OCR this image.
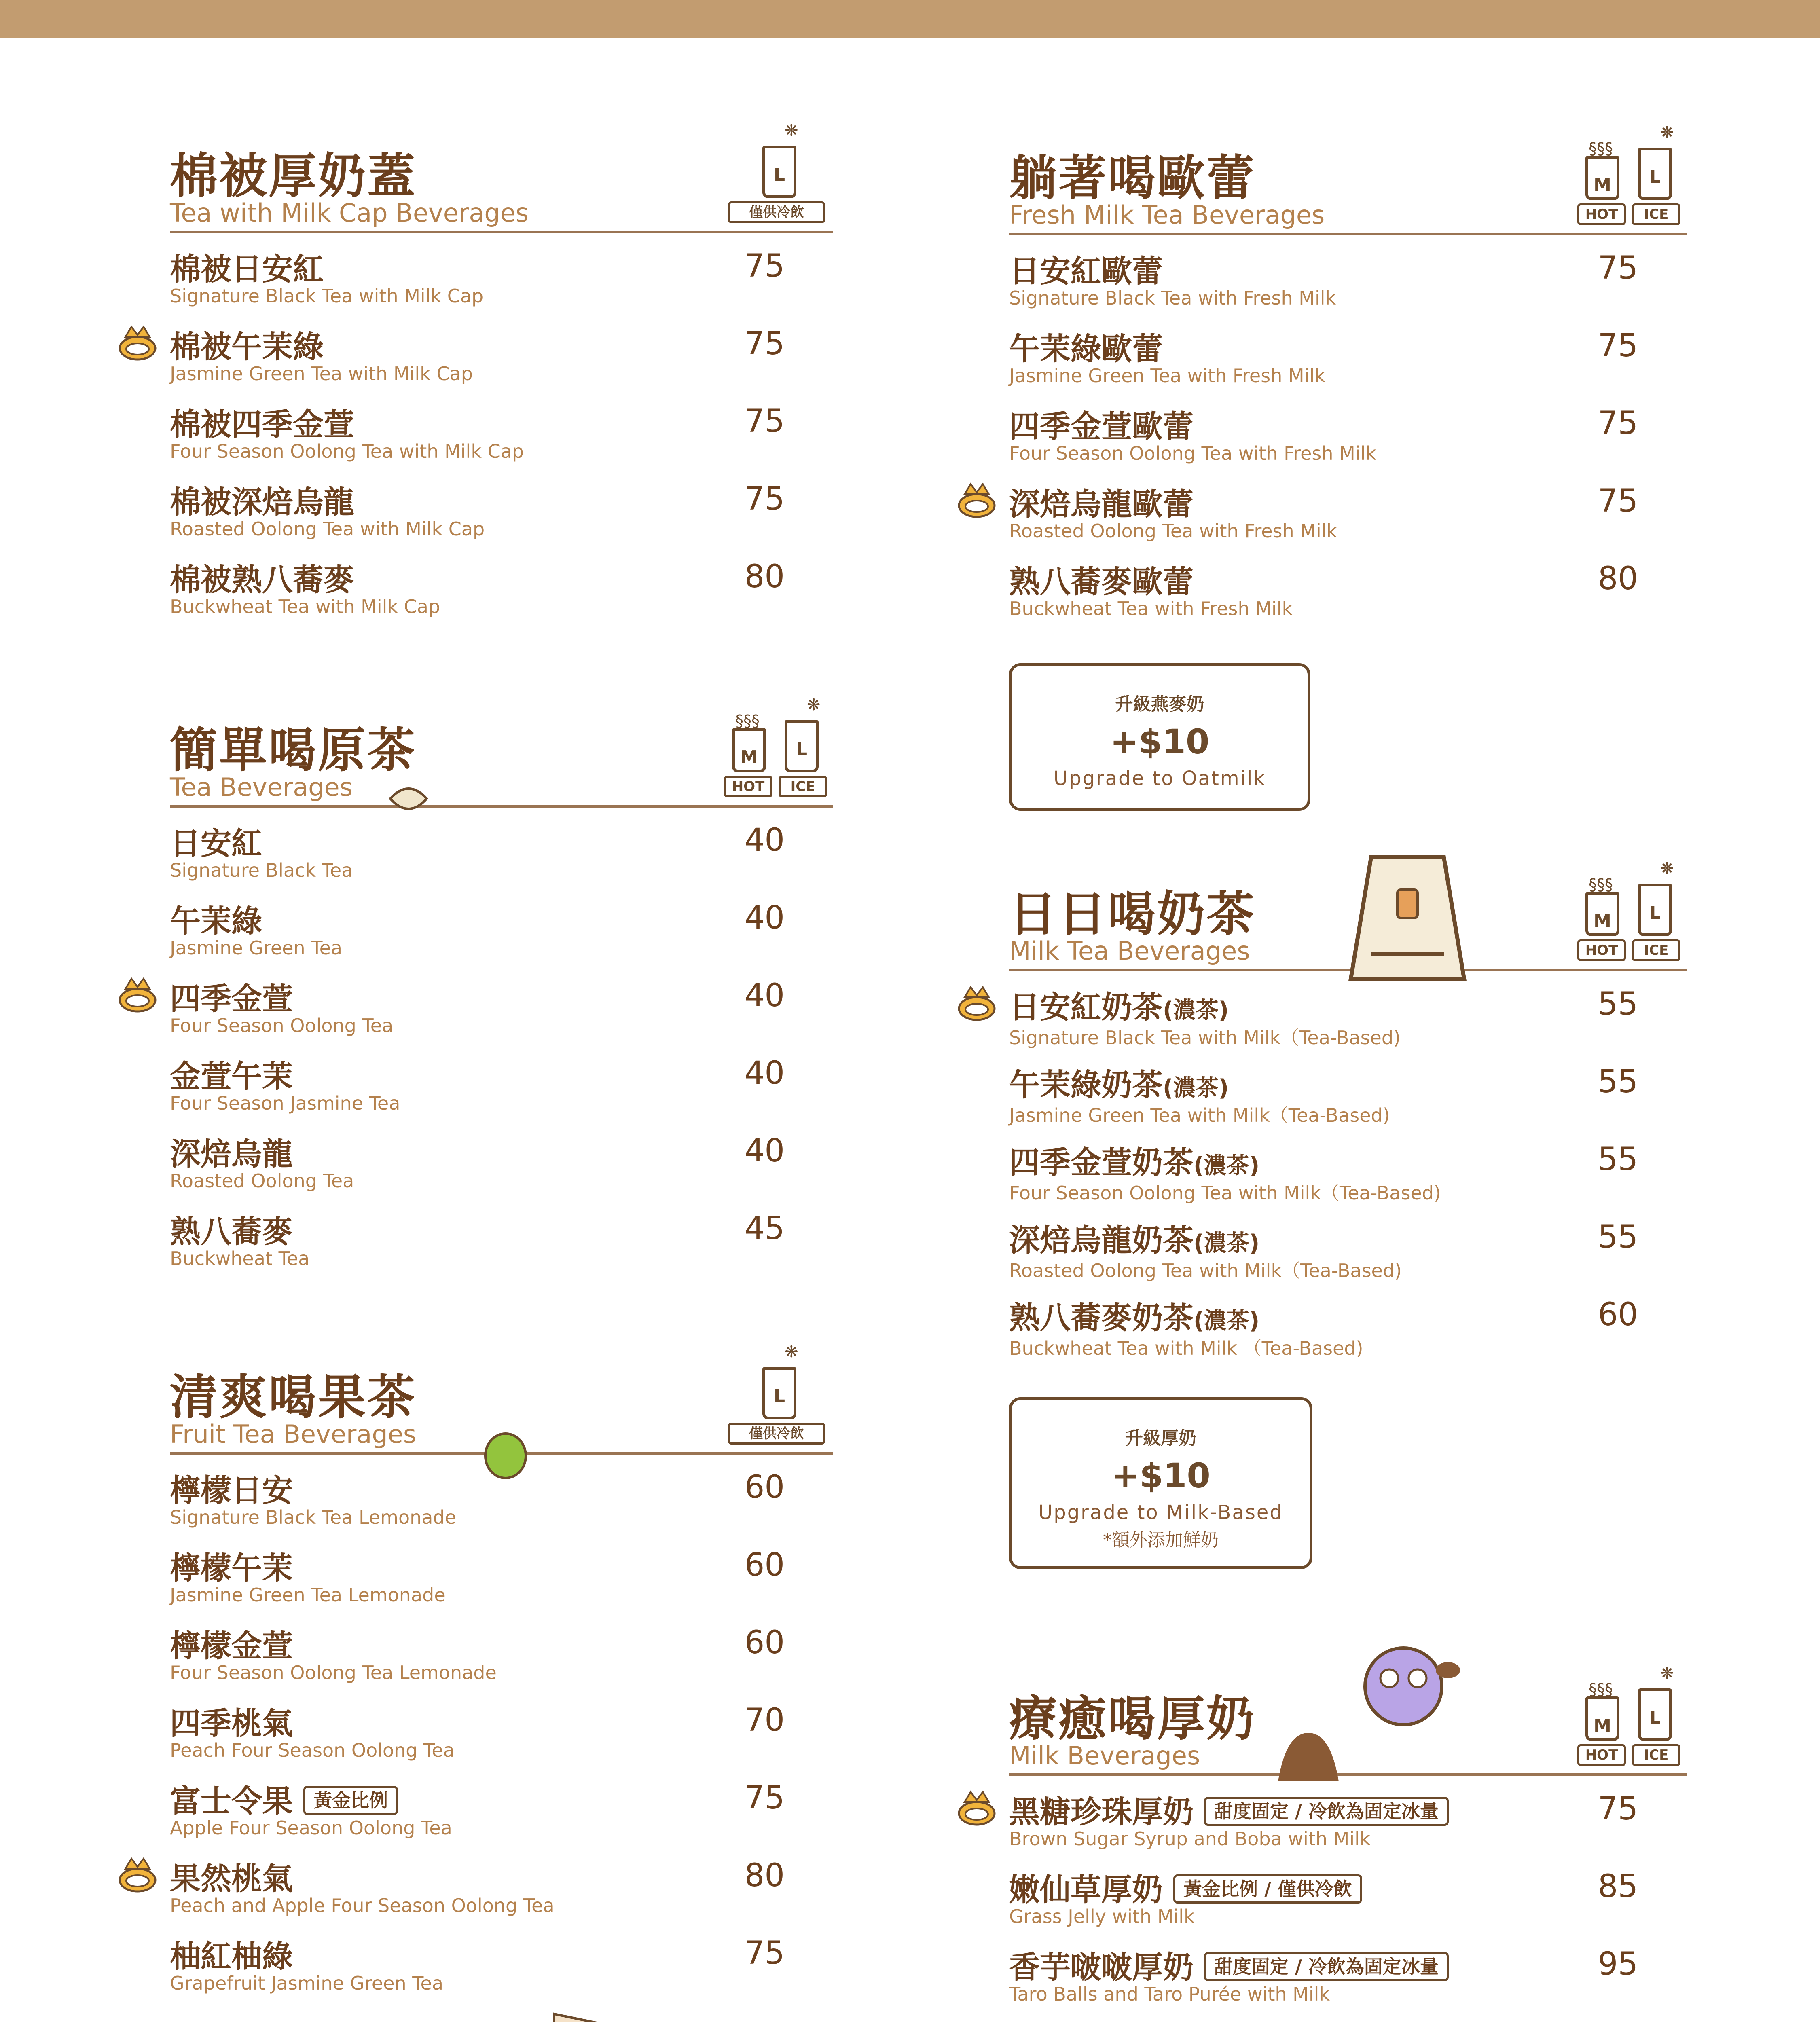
棉被厚奶蓋
Tea with Milk Cap Beverages
L
❋
僅供冷飲
棉被日安紅
Signature Black Tea with Milk Cap
75
棉被午茉綠
Jasmine Green Tea with Milk Cap
75
棉被四季金萱
Four Season Oolong Tea with Milk Cap
75
棉被深焙烏龍
Roasted Oolong Tea with Milk Cap
75
棉被熟八蕎麥
Buckwheat Tea with Milk Cap
80
簡單喝原茶
Tea Beverages
M
§§§
L
❋
HOT	ICE
日安紅
Signature Black Tea
40
午茉綠
Jasmine Green Tea
40
四季金萱
Four Season Oolong Tea
40
金萱午茉
Four Season Jasmine Tea
40
深焙烏龍
Roasted Oolong Tea
40
熟八蕎麥
Buckwheat Tea
45
清爽喝果茶
Fruit Tea Beverages
L
❋
僅供冷飲
檸檬日安
Signature Black Tea Lemonade
60
檸檬午茉
Jasmine Green Tea Lemonade
60
檸檬金萱
Four Season Oolong Tea Lemonade
60
四季桃氣
Peach Four Season Oolong Tea
70
富士令果 黃金比例
Apple Four Season Oolong Tea
75
果然桃氣
Peach and Apple Four Season Oolong Tea
80
柚紅柚綠
Grapefruit Jasmine Green Tea
75
躺著喝歐蕾
Fresh Milk Tea Beverages
M
§§§
L
❋
HOT	ICE
日安紅歐蕾
Signature Black Tea with Fresh Milk
75
午茉綠歐蕾
Jasmine Green Tea with Fresh Milk
75
四季金萱歐蕾
Four Season Oolong Tea with Fresh Milk
75
深焙烏龍歐蕾
Roasted Oolong Tea with Fresh Milk
75
熟八蕎麥歐蕾
Buckwheat Tea with Fresh Milk
80
日日喝奶茶
Milk Tea Beverages
M
§§§
L
❋
HOT	ICE
日安紅奶茶(濃茶)
Signature Black Tea with Milk（Tea-Based)
55
午茉綠奶茶(濃茶)
Jasmine Green Tea with Milk（Tea-Based)
55
四季金萱奶茶(濃茶)
Four Season Oolong Tea with Milk（Tea-Based)
55
深焙烏龍奶茶(濃茶)
Roasted Oolong Tea with Milk（Tea-Based)
55
熟八蕎麥奶茶(濃茶)
Buckwheat Tea with Milk （Tea-Based)
60
療癒喝厚奶
Milk Beverages
M
§§§
L
❋
HOT	ICE
黑糖珍珠厚奶 甜度固定 / 冷飲為固定冰量
Brown Sugar Syrup and Boba with Milk
75
嫩仙草厚奶 黃金比例 / 僅供冷飲
Grass Jelly with Milk
85
香芋啵啵厚奶 甜度固定 / 冷飲為固定冰量
Taro Balls and Taro Purée with Milk
95
升級燕麥奶
+$10
Upgrade to Oatmilk
升級厚奶
+$10
Upgrade to Milk-Based
*額外添加鮮奶
